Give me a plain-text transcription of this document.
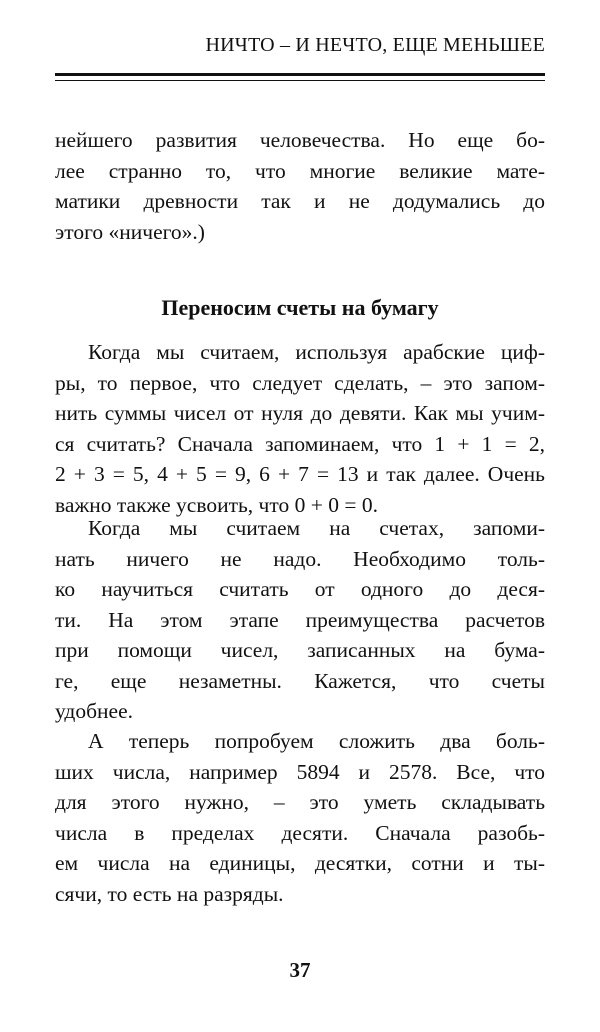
НИЧТО – И НЕЧТО, ЕЩЕ МЕНЬШЕЕ
нейшего развития человечества. Но еще бо-
лее странно то, что многие великие мате-
матики древности так и не додумались до
этого «ничего».)
Переносим счеты на бумагу
Когда мы считаем, используя арабские циф-
ры, то первое, что следует сделать, – это запом-
нить суммы чисел от нуля до девяти. Как мы учим-
ся считать? Сначала запоминаем, что 1 + 1 = 2,
2 + 3 = 5, 4 + 5 = 9, 6 + 7 = 13 и так далее. Очень
важно также усвоить, что 0 + 0 = 0.
Когда мы считаем на счетах, запоми-
нать ничего не надо. Необходимо толь-
ко научиться считать от одного до деся-
ти. На этом этапе преимущества расчетов
при помощи чисел, записанных на бума-
ге, еще незаметны. Кажется, что счеты
удобнее.
А теперь попробуем сложить два боль-
ших числа, например 5894 и 2578. Все, что
для этого нужно, – это уметь складывать
числа в пределах десяти. Сначала разобь-
ем числа на единицы, десятки, сотни и ты-
сячи, то есть на разряды.
37
